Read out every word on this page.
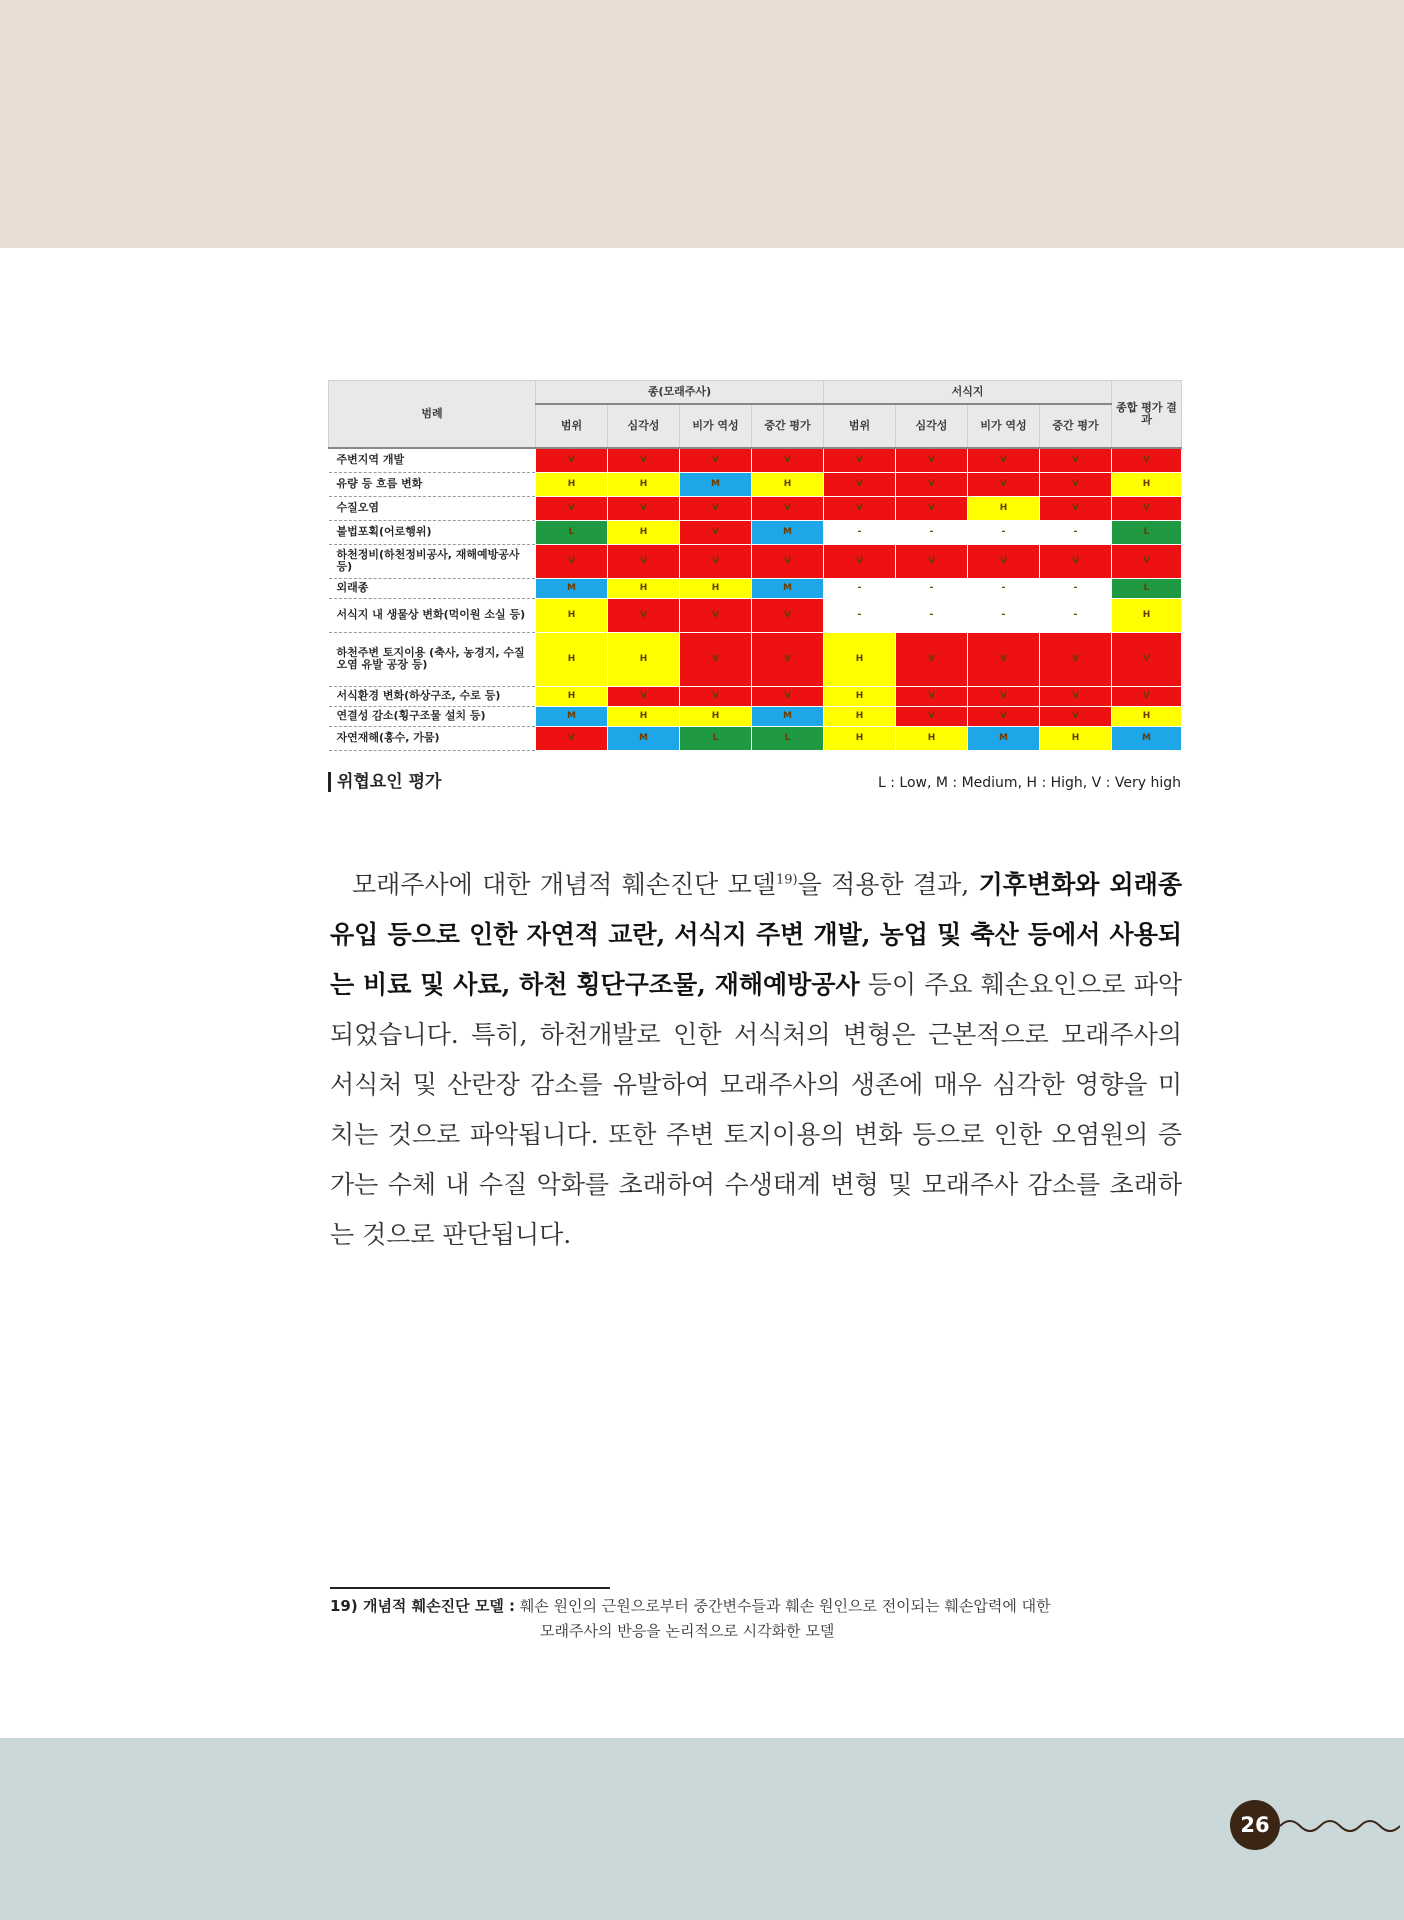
범례	종(모래주사)				서식지				종합 평가 결과
	범위	심각성	비가 역성	중간 평가	범위	심각성	비가 역성	중간 평가	
주변지역 개발	V	V	V	V	V	V	V	V	V
유량 등 흐름 변화	H	H	M	H	V	V	V	V	H
수질오염	V	V	V	V	V	V	H	V	V
불법포획(어로행위)	L	H	V	M	-	-	-	-	L
하천정비(하천정비공사, 재해예방공사 등)	V	V	V	V	V	V	V	V	V
외래종	M	H	H	M	-	-	-	-	L
서식지 내 생물상 변화(먹이원 소실 등)	H	V	V	V	-	-	-	-	H
하천주변 토지이용 (축사, 농경지, 수질오염 유발 공장 등)	H	H	V	V	H	V	V	V	V
서식환경 변화(하상구조, 수로 등)	H	V	V	V	H	V	V	V	V
연결성 감소(횡구조물 설치 등)	M	H	H	M	H	V	V	V	H
자연재해(홍수, 가뭄)	V	M	L	L	H	H	M	H	M
위협요인 평가	L : Low, M : Medium, H : High, V : Very high
모래주사에 대한 개념적 훼손진단 모델$^{19)}$을 적용한 결과, 기후변화와 외래종 유입 등으로 인한 자연적 교란, 서식지 주변 개발, 농업 및 축산 등에서 사용되는 비료 및 사료, 하천 횡단구조물, 재해예방공사 등이 주요 훼손요인으로 파악되었습니다. 특히, 하천개발로 인한 서식처의 변형은 근본적으로 모래주사의 서식처 및 산란장 감소를 유발하여 모래주사의 생존에 매우 심각한 영향을 미치는 것으로 파악됩니다. 또한 주변 토지이용의 변화 등으로 인한 오염원의 증가는 수체 내 수질 악화를 초래하여 수생태계 변형 및 모래주사 감소를 초래하는 것으로 판단됩니다.
19) 개념적 훼손진단 모델 : 훼손 원인의 근원으로부터 중간변수들과 훼손 원인으로 전이되는 훼손압력에 대한
모래주사의 반응을 논리적으로 시각화한 모델
26
